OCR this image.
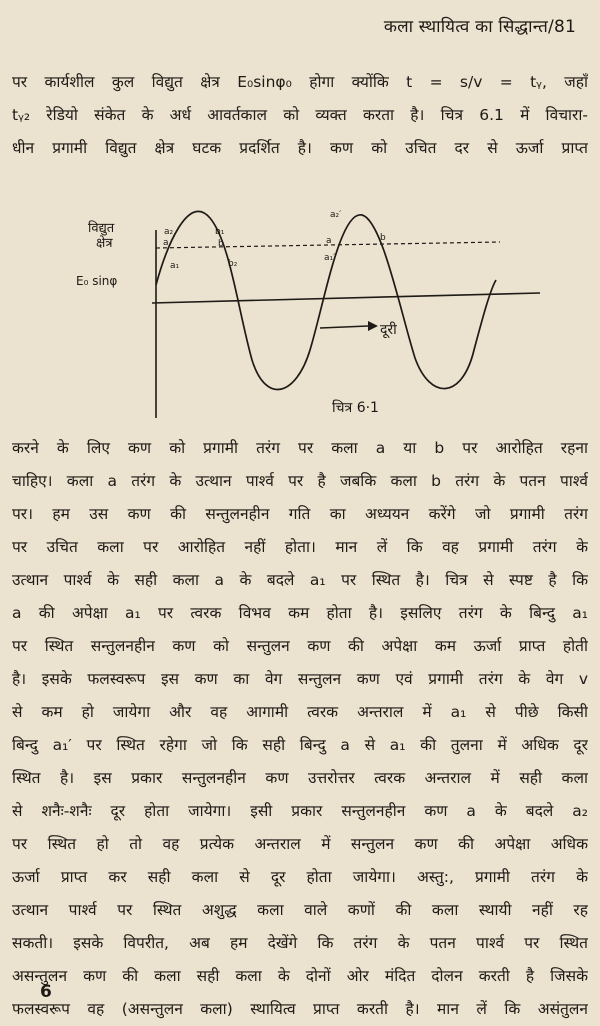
कला स्थायित्व का सिद्धान्त/81
पर कार्यशील कुल विद्युत क्षेत्र E₀sinφ₀ होगा क्योंकि t = s/v = tᵧ, जहाँ
tᵧ₂ रेडियो संकेत के अर्ध आवर्तकाल को व्यक्त करता है। चित्र 6.1 में विचारा-
धीन प्रगामी विद्युत क्षेत्र घटक प्रदर्शित है। कण को उचित दर से ऊर्जा प्राप्त
विद्युत
क्षेत्र
E₀ sinφ
दूरी
चित्र 6·1
a₂
a
a₁
b₁
b
b₂
a₂′
a
a₁′
b
करने के लिए कण को प्रगामी तरंग पर कला a या b पर आरोहित रहना
चाहिए। कला a तरंग के उत्थान पार्श्व पर है जबकि कला b तरंग के पतन पार्श्व
पर। हम उस कण की सन्तुलनहीन गति का अध्ययन करेंगे जो प्रगामी तरंग
पर उचित कला पर आरोहित नहीं होता। मान लें कि वह प्रगामी तरंग के
उत्थान पार्श्व के सही कला a के बदले a₁ पर स्थित है। चित्र से स्पष्ट है कि
a की अपेक्षा a₁ पर त्वरक विभव कम होता है। इसलिए तरंग के बिन्दु a₁
पर स्थित सन्तुलनहीन कण को सन्तुलन कण की अपेक्षा कम ऊर्जा प्राप्त होती
है। इसके फलस्वरूप इस कण का वेग सन्तुलन कण एवं प्रगामी तरंग के वेग v
से कम हो जायेगा और वह आगामी त्वरक अन्तराल में a₁ से पीछे किसी
बिन्दु a₁′ पर स्थित रहेगा जो कि सही बिन्दु a से a₁ की तुलना में अधिक दूर
स्थित है। इस प्रकार सन्तुलनहीन कण उत्तरोत्तर त्वरक अन्तराल में सही कला
से शनैः-शनैः दूर होता जायेगा। इसी प्रकार सन्तुलनहीन कण a के बदले a₂
पर स्थित हो तो वह प्रत्येक अन्तराल में सन्तुलन कण की अपेक्षा अधिक
ऊर्जा प्राप्त कर सही कला से दूर होता जायेगा। अस्तु:, प्रगामी तरंग के
उत्थान पार्श्व पर स्थित अशुद्ध कला वाले कणों की कला स्थायी नहीं रह
सकती। इसके विपरीत, अब हम देखेंगे कि तरंग के पतन पार्श्व पर स्थित
असन्तुलन कण की कला सही कला के दोनों ओर मंदित दोलन करती है जिसके
फलस्वरूप वह (असन्तुलन कला) स्थायित्व प्राप्त करती है। मान लें कि असंतुलन
6
